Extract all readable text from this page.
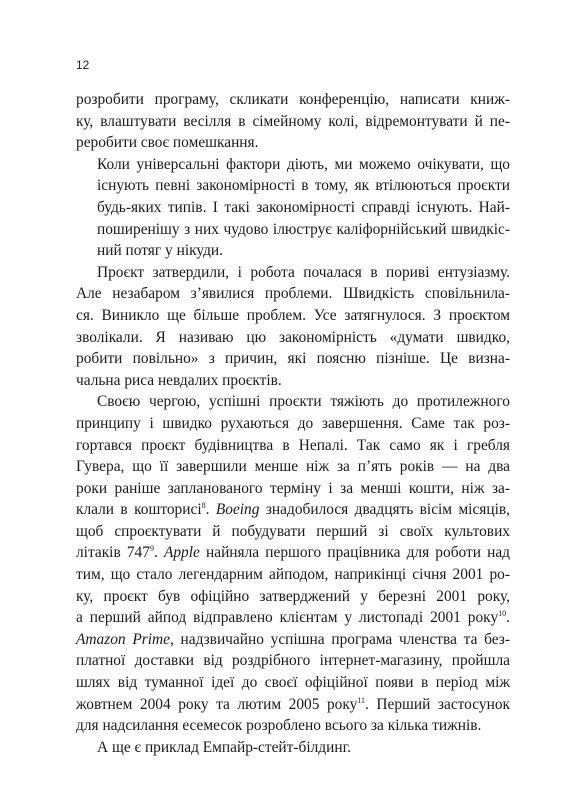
12

розробити програму, скликати конференцію, написати книж-
ку, влаштувати весілля в сімейному колі, відремонтувати й пе-
реробити своє помешкання.

Коли універсальні фактори діють, ми можемо очікувати, що
існують певні закономірності в тому, як втілюються проєкти
будь-яких типів. І такі закономірності справді існують. Най-
поширенішу з них чудово ілюструє каліфорнійський швидкіс-
ний потяг у нікуди.

Проєкт затвердили, і робота почалася в пориві ентузіазму.
Але незабаром з’явилися проблеми. Швидкість сповільнила-
ся. Виникло ще більше проблем. Усе затягнулося. З проєктом
зволікали. Я називаю цю закономірність «думати швидко,
робити повільно» з причин, які поясню пізніше. Це визна-
чальна риса невдалих проєктів.

Своєю чергою, успішні проєкти тяжіють до протилежного
принципу і швидко рухаються до завершення. Саме так роз-
гортався проєкт будівництва в Непалі. Так само як і гребля
Гувера, що її завершили менше ніж за п’ять років — на два
роки раніше запланованого терміну і за менші кошти, ніж за-
клали в кошторисі$^8$. Boeing знадобилося двадцять вісім місяців,
щоб спроєктувати й побудувати перший зі своїх культових
літаків $747^9$. Apple найняла першого працівника для роботи над
тим, що стало легендарним айподом, наприкінці січня 2001 ро-
ку, проєкт був офіційно затверджений у березні 2001 року,
а перший айпод відправлено клієнтам у листопаді 2001 року$^{10}$.
Amazon Prime, надзвичайно успішна програма членства та без-
платної доставки від роздрібного інтернет-магазину, пройшла
шлях від туманної ідеї до своєї офіційної появи в період між
жовтнем 2004 року та лютим 2005 року$^{11}$. Перший застосунок
для надсилання есемесок розроблено всього за кілька тижнів.

А ще є приклад Емпайр-стейт-білдинг.
